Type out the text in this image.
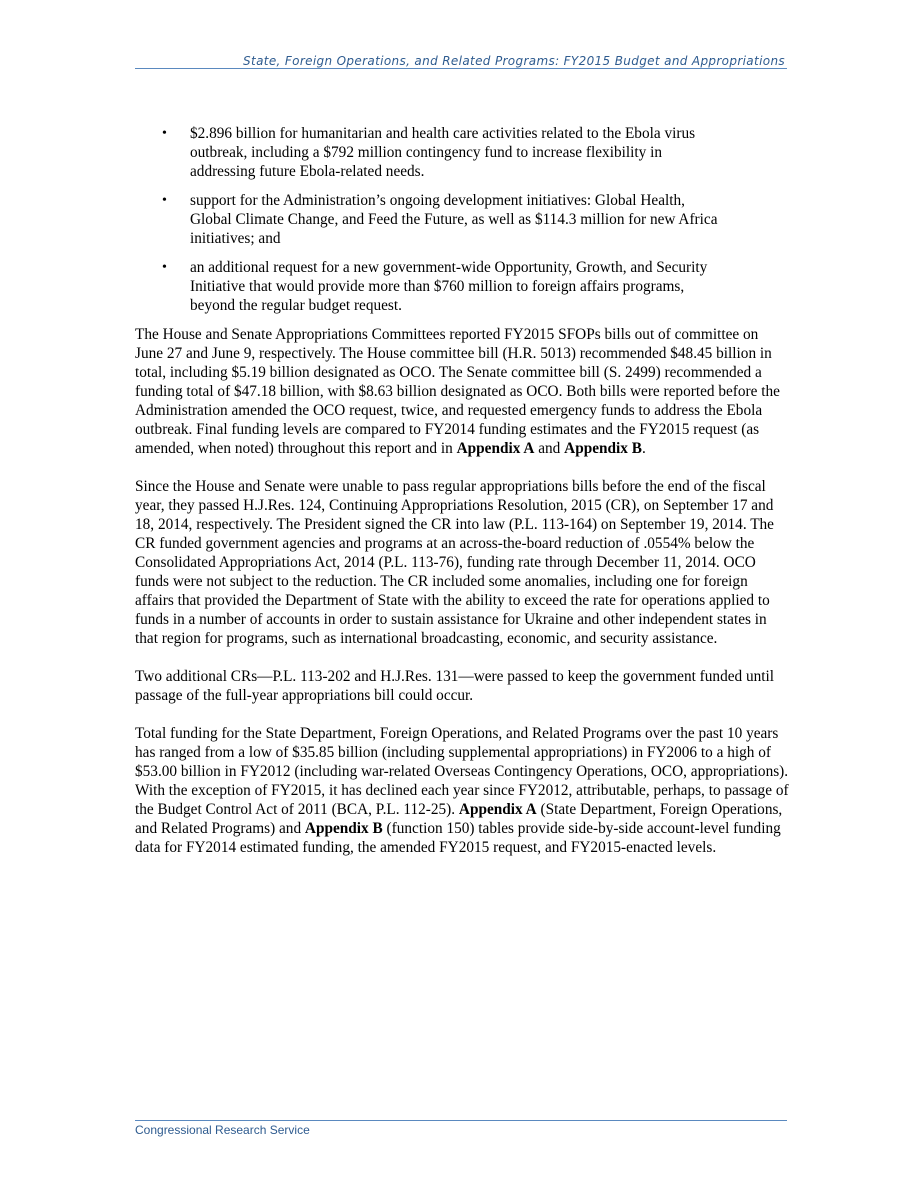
State, Foreign Operations, and Related Programs: FY2015 Budget and Appropriations
• $2.896 billion for humanitarian and health care activities related to the Ebola virus outbreak, including a $792 million contingency fund to increase flexibility in addressing future Ebola-related needs.
• support for the Administration’s ongoing development initiatives: Global Health, Global Climate Change, and Feed the Future, as well as $114.3 million for new Africa initiatives; and
• an additional request for a new government-wide Opportunity, Growth, and Security Initiative that would provide more than $760 million to foreign affairs programs, beyond the regular budget request.

The House and Senate Appropriations Committees reported FY2015 SFOPs bills out of committee on June 27 and June 9, respectively. The House committee bill (H.R. 5013) recommended $48.45 billion in total, including $5.19 billion designated as OCO. The Senate committee bill (S. 2499) recommended a funding total of $47.18 billion, with $8.63 billion designated as OCO. Both bills were reported before the Administration amended the OCO request, twice, and requested emergency funds to address the Ebola outbreak. Final funding levels are compared to FY2014 funding estimates and the FY2015 request (as amended, when noted) throughout this report and in Appendix A and Appendix B.

Since the House and Senate were unable to pass regular appropriations bills before the end of the fiscal year, they passed H.J.Res. 124, Continuing Appropriations Resolution, 2015 (CR), on September 17 and 18, 2014, respectively. The President signed the CR into law (P.L. 113-164) on September 19, 2014. The CR funded government agencies and programs at an across-the-board reduction of .0554% below the Consolidated Appropriations Act, 2014 (P.L. 113-76), funding rate through December 11, 2014. OCO funds were not subject to the reduction. The CR included some anomalies, including one for foreign affairs that provided the Department of State with the ability to exceed the rate for operations applied to funds in a number of accounts in order to sustain assistance for Ukraine and other independent states in that region for programs, such as international broadcasting, economic, and security assistance.

Two additional CRs—P.L. 113-202 and H.J.Res. 131—were passed to keep the government funded until passage of the full-year appropriations bill could occur.

Total funding for the State Department, Foreign Operations, and Related Programs over the past 10 years has ranged from a low of $35.85 billion (including supplemental appropriations) in FY2006 to a high of $53.00 billion in FY2012 (including war-related Overseas Contingency Operations, OCO, appropriations). With the exception of FY2015, it has declined each year since FY2012, attributable, perhaps, to passage of the Budget Control Act of 2011 (BCA, P.L. 112-25). Appendix A (State Department, Foreign Operations, and Related Programs) and Appendix B (function 150) tables provide side-by-side account-level funding data for FY2014 estimated funding, the amended FY2015 request, and FY2015-enacted levels.

Congressional Research Service
